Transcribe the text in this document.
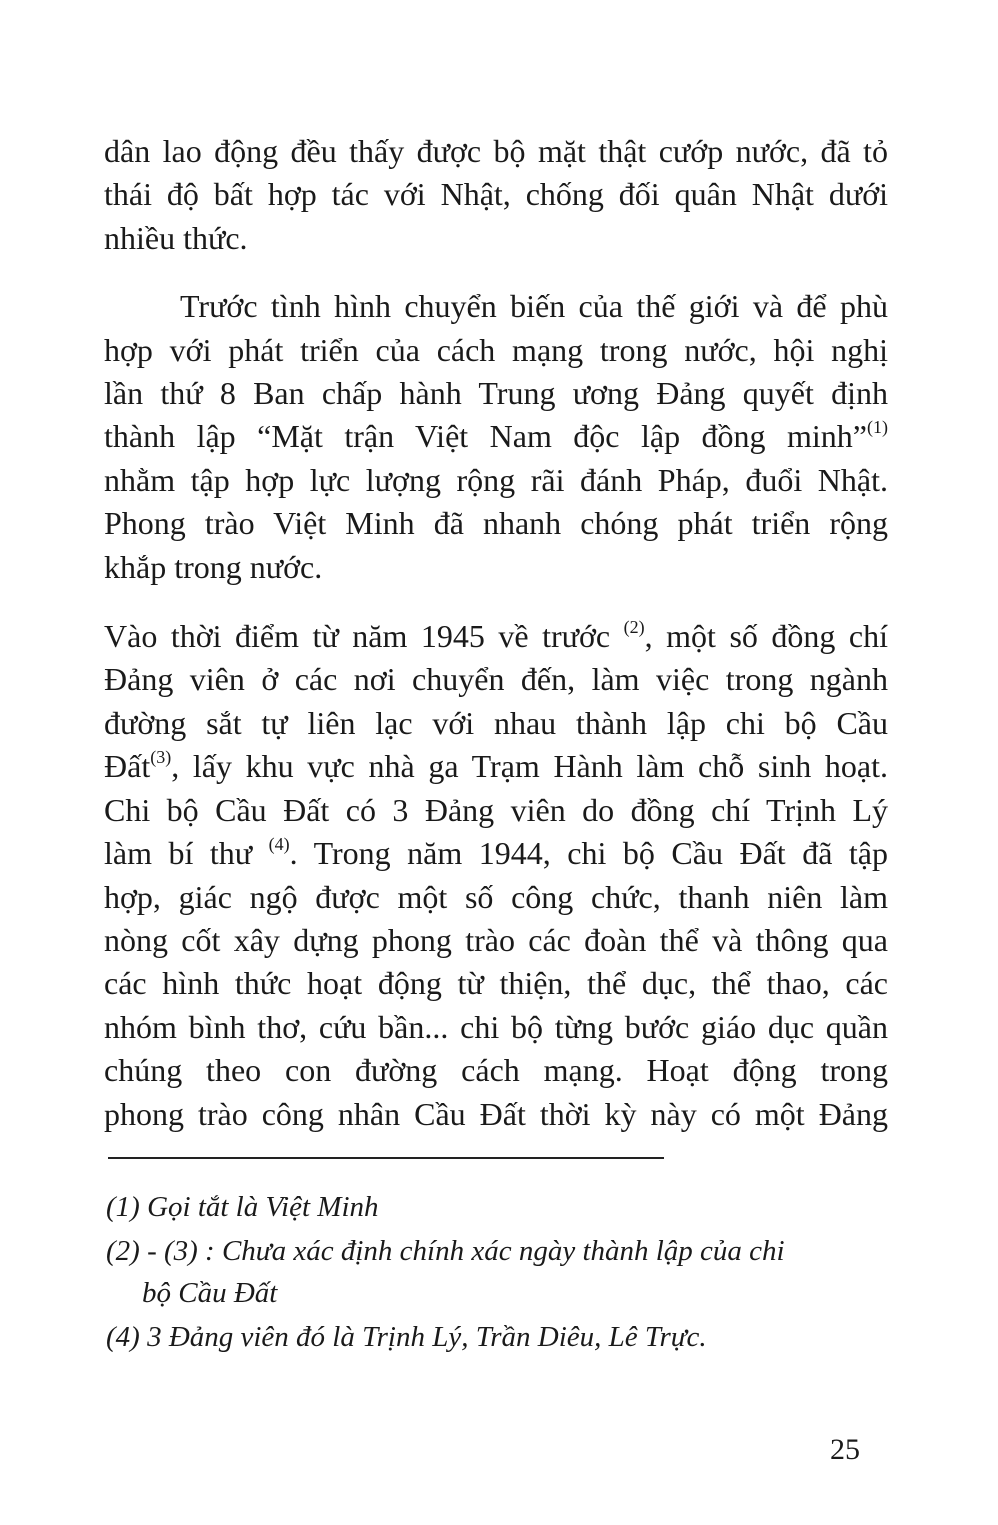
dân lao động đều thấy được bộ mặt thật cướp nước, đã tỏ
thái độ bất hợp tác với Nhật, chống đối quân Nhật dưới
nhiều thức.
Trước tình hình chuyển biến của thế giới và để phù
hợp với phát triển của cách mạng trong nước, hội nghị
lần thứ 8 Ban chấp hành Trung ương Đảng quyết định
thành lập “Mặt trận Việt Nam độc lập đồng minh”$^{(1)}$
nhằm tập hợp lực lượng rộng rãi đánh Pháp, đuổi Nhật.
Phong trào Việt Minh đã nhanh chóng phát triển rộng
khắp trong nước.
Vào thời điểm từ năm 1945 về trước $^{(2)}$, một số đồng chí
Đảng viên ở các nơi chuyển đến, làm việc trong ngành
đường sắt tự liên lạc với nhau thành lập chi bộ Cầu
Đất$^{(3)}$, lấy khu vực nhà ga Trạm Hành làm chỗ sinh hoạt.
Chi bộ Cầu Đất có 3 Đảng viên do đồng chí Trịnh Lý
làm bí thư $^{(4)}$. Trong năm 1944, chi bộ Cầu Đất đã tập
hợp, giác ngộ được một số công chức, thanh niên làm
nòng cốt xây dựng phong trào các đoàn thể và thông qua
các hình thức hoạt động từ thiện, thể dục, thể thao, các
nhóm bình thơ, cứu bần... chi bộ từng bước giáo dục quần
chúng theo con đường cách mạng. Hoạt động trong
phong trào công nhân Cầu Đất thời kỳ này có một Đảng
(1) Gọi tắt là Việt Minh
(2) - (3) : Chưa xác định chính xác ngày thành lập của chi
bộ Cầu Đất
(4) 3 Đảng viên đó là Trịnh Lý, Trần Diêu, Lê Trực.
25
